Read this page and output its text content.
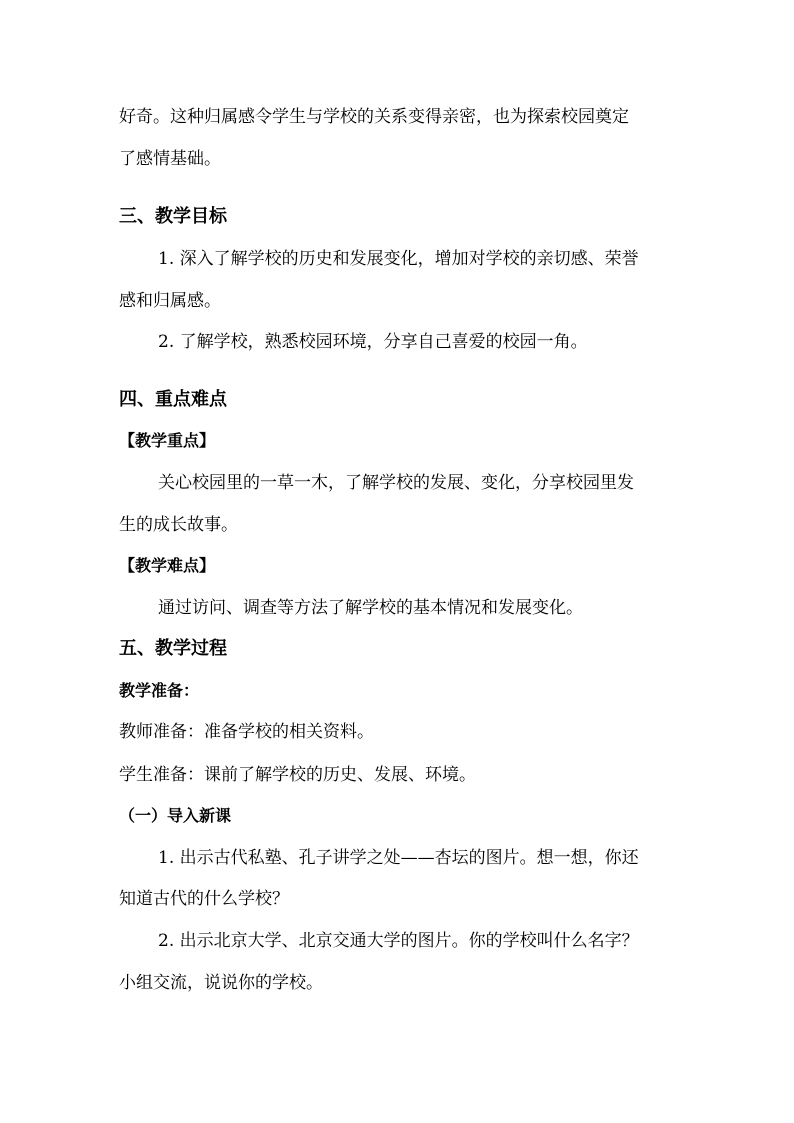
好奇。这种归属感令学生与学校的关系变得亲密，也为探索校园奠定
了感情基础。
三、教学目标
1. 深入了解学校的历史和发展变化，增加对学校的亲切感、荣誉
感和归属感。
2. 了解学校，熟悉校园环境，分享自己喜爱的校园一角。
四、重点难点
【教学重点】
关心校园里的一草一木，了解学校的发展、变化，分享校园里发
生的成长故事。
【教学难点】
通过访问、调查等方法了解学校的基本情况和发展变化。
五、教学过程
教学准备：
教师准备：准备学校的相关资料。
学生准备：课前了解学校的历史、发展、环境。
（一）导入新课
1. 出示古代私塾、孔子讲学之处——杏坛的图片。想一想，你还
知道古代的什么学校？
2. 出示北京大学、北京交通大学的图片。你的学校叫什么名字？
小组交流，说说你的学校。
